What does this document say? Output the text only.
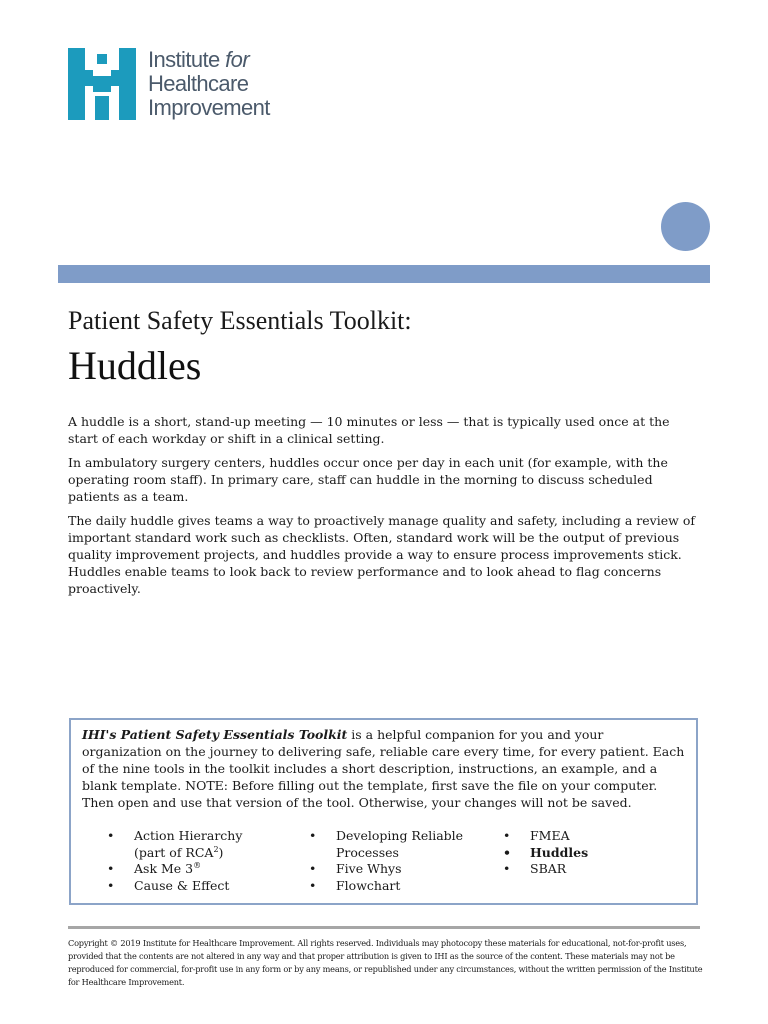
Institute for
Healthcare
Improvement
Patient Safety Essentials Toolkit:
Huddles

A huddle is a short, stand-up meeting — 10 minutes or less — that is typically used once at the start of each workday or shift in a clinical setting.

In ambulatory surgery centers, huddles occur once per day in each unit (for example, with the operating room staff). In primary care, staff can huddle in the morning to discuss scheduled patients as a team.

The daily huddle gives teams a way to proactively manage quality and safety, including a review of important standard work such as checklists. Often, standard work will be the output of previous quality improvement projects, and huddles provide a way to ensure process improvements stick. Huddles enable teams to look back to review performance and to look ahead to flag concerns proactively.

IHI's Patient Safety Essentials Toolkit is a helpful companion for you and your organization on the journey to delivering safe, reliable care every time, for every patient. Each of the nine tools in the toolkit includes a short description, instructions, an example, and a blank template. NOTE: Before filling out the template, first save the file on your computer. Then open and use that version of the tool. Otherwise, your changes will not be saved.

• Action Hierarchy
(part of RCA$^2$)
• Ask Me 3®
• Cause & Effect
• Developing Reliable
Processes
• Five Whys
• Flowchart
• FMEA
• Huddles
• SBAR
Copyright © 2019 Institute for Healthcare Improvement. All rights reserved. Individuals may photocopy these materials for educational, not-for-profit uses, provided that the contents are not altered in any way and that proper attribution is given to IHI as the source of the content. These materials may not be reproduced for commercial, for-profit use in any form or by any means, or republished under any circumstances, without the written permission of the Institute for Healthcare Improvement.
